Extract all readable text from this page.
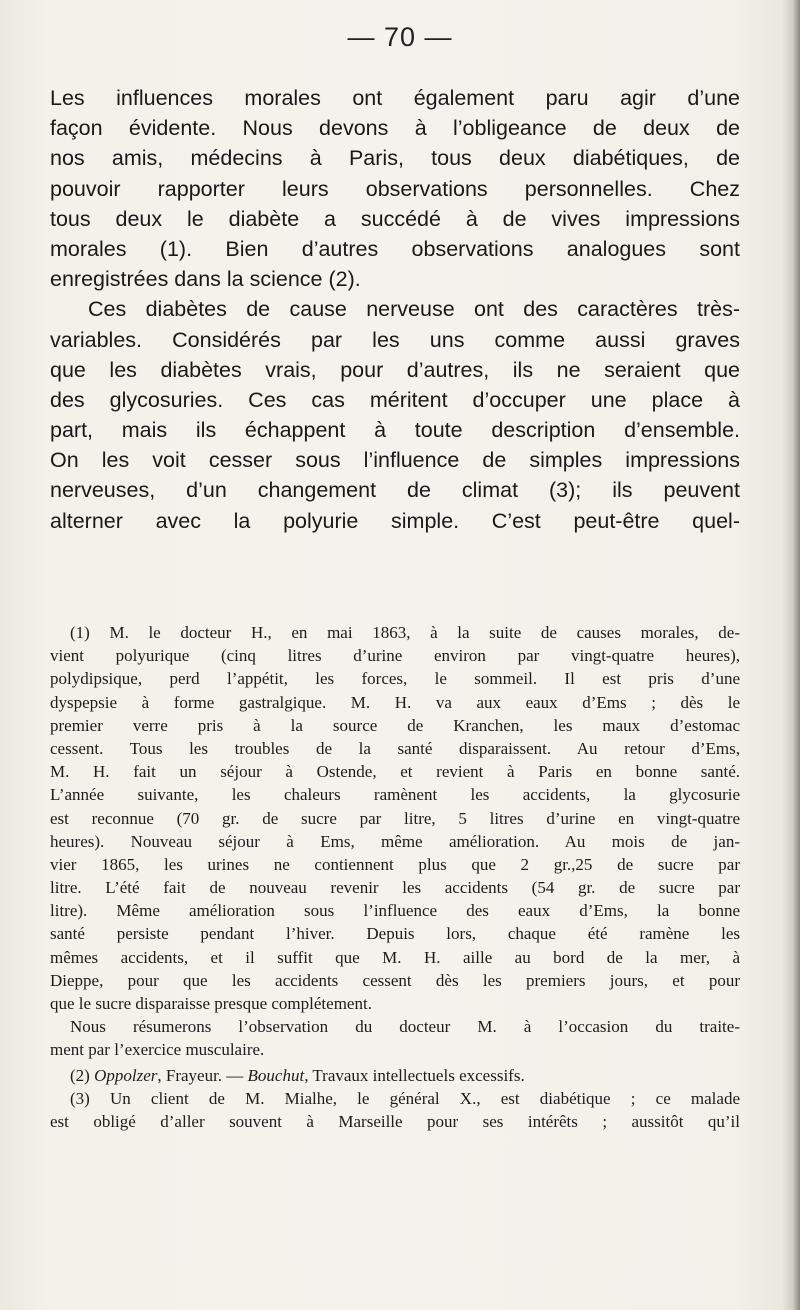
— 70 —
Les influences morales ont également paru agir d’une
façon évidente. Nous devons à l’obligeance de deux de
nos amis, médecins à Paris, tous deux diabétiques, de
pouvoir rapporter leurs observations personnelles. Chez
tous deux le diabète a succédé à de vives impressions
morales (1). Bien d’autres observations analogues sont
enregistrées dans la science (2).
Ces diabètes de cause nerveuse ont des caractères très-
variables. Considérés par les uns comme aussi graves
que les diabètes vrais, pour d’autres, ils ne seraient que
des glycosuries. Ces cas méritent d’occuper une place à
part, mais ils échappent à toute description d’ensemble.
On les voit cesser sous l’influence de simples impressions
nerveuses, d’un changement de climat (3); ils peuvent
alterner avec la polyurie simple. C’est peut-être quel-
(1) M. le docteur H., en mai 1863, à la suite de causes morales, de-
vient polyurique (cinq litres d’urine environ par vingt-quatre heures),
polydipsique, perd l’appétit, les forces, le sommeil. Il est pris d’une
dyspepsie à forme gastralgique. M. H. va aux eaux d’Ems ; dès le
premier verre pris à la source de Kranchen, les maux d’estomac
cessent. Tous les troubles de la santé disparaissent. Au retour d’Ems,
M. H. fait un séjour à Ostende, et revient à Paris en bonne santé.
L’année suivante, les chaleurs ramènent les accidents, la glycosurie
est reconnue (70 gr. de sucre par litre, 5 litres d’urine en vingt-quatre
heures). Nouveau séjour à Ems, même amélioration. Au mois de jan-
vier 1865, les urines ne contiennent plus que 2 gr.,25 de sucre par
litre. L’été fait de nouveau revenir les accidents (54 gr. de sucre par
litre). Même amélioration sous l’influence des eaux d’Ems, la bonne
santé persiste pendant l’hiver. Depuis lors, chaque été ramène les
mêmes accidents, et il suffit que M. H. aille au bord de la mer, à
Dieppe, pour que les accidents cessent dès les premiers jours, et pour
que le sucre disparaisse presque complétement.
Nous résumerons l’observation du docteur M. à l’occasion du traite-
ment par l’exercice musculaire.
(2) Oppolzer, Frayeur. — Bouchut, Travaux intellectuels excessifs.
(3) Un client de M. Mialhe, le général X., est diabétique ; ce malade
est obligé d’aller souvent à Marseille pour ses intérêts ; aussitôt qu’il
